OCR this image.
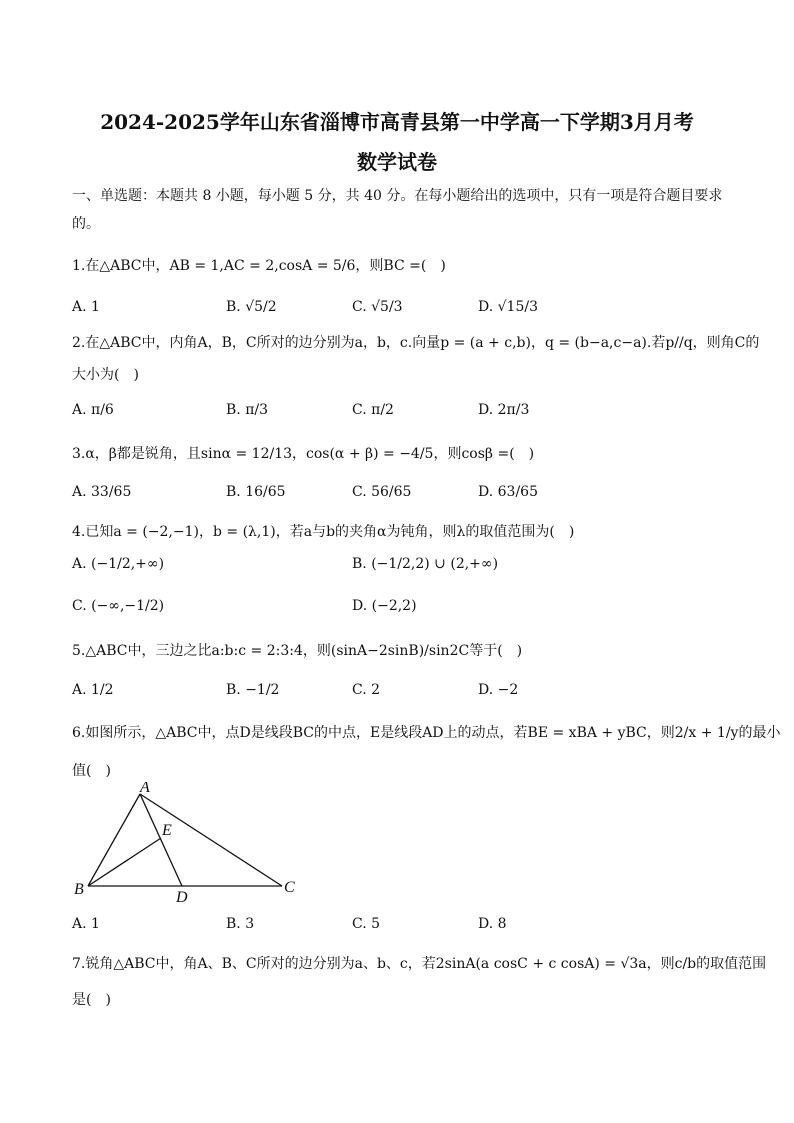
2024-2025学年山东省淄博市高青县第一中学高一下学期3月月考
数学试卷
一、单选题：本题共 8 小题，每小题 5 分，共 40 分。在每小题给出的选项中，只有一项是符合题目要求的。
1.在△ABC中，AB = 1,AC = 2,cosA = 5/6，则BC =(　)
A. 1	B. √5/2	C. √5/3	D. √15/3
2.在△ABC中，内角A，B，C所对的边分别为a，b，c.向量p = (a + c,b)，q = (b−a,c−a).若p//q，则角C的
大小为(　)
A. π/6	B. π/3	C. π/2	D. 2π/3
3.α，β都是锐角，且sinα = 12/13，cos(α + β) = −4/5，则cosβ =(　)
A. 33/65	B. 16/65	C. 56/65	D. 63/65
4.已知a = (−2,−1)，b = (λ,1)，若a与b的夹角α为钝角，则λ的取值范围为(　)
A. (−1/2,+∞)	B. (−1/2,2) ∪ (2,+∞)
C. (−∞,−1/2)	D. (−2,2)
5.△ABC中，三边之比a:b:c = 2:3:4，则(sinA−2sinB)/sin2C等于(　)
A. 1/2	B. −1/2	C. 2	D. −2
6.如图所示，△ABC中，点D是线段BC的中点，E是线段AD上的动点，若BE = xBA + yBC，则2/x + 1/y的最小
值(　)
A
E
B	D
C
A. 1	B. 3	C. 5	D. 8
7.锐角△ABC中，角A、B、C所对的边分别为a、b、c，若2sinA(a cosC + c cosA) = √3a，则c/b的取值范围
是(　)
